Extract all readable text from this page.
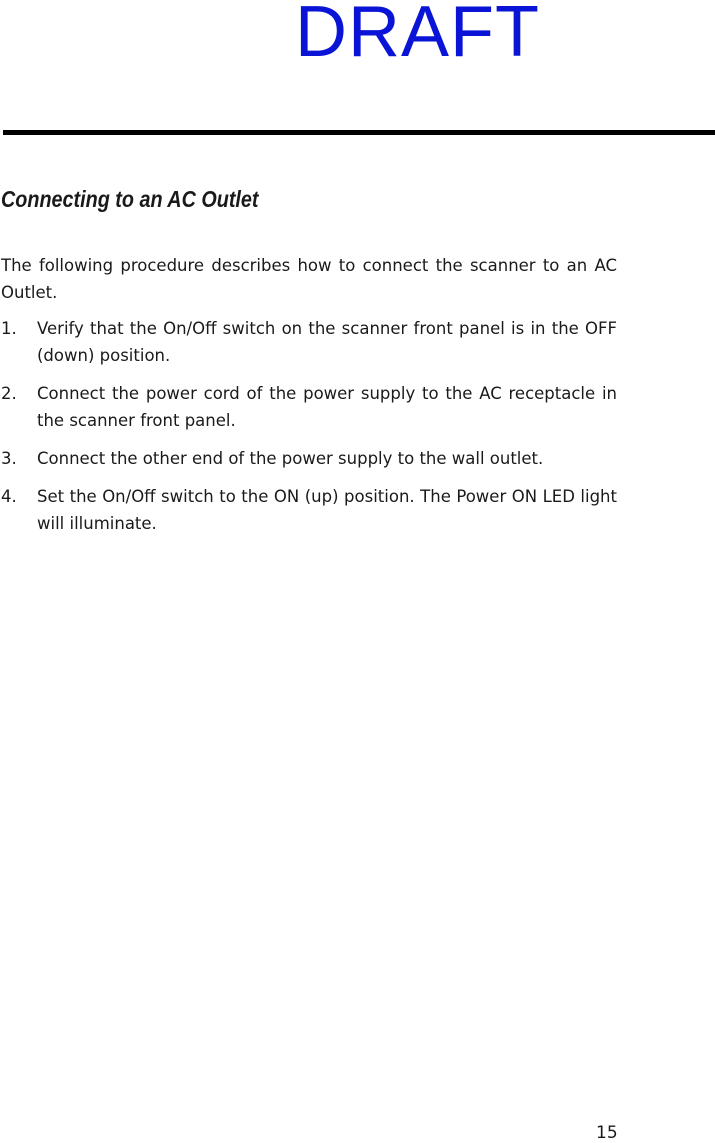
DRAFT
Connecting to an AC Outlet

The following procedure describes how to connect the scanner to an AC Outlet.

1. Verify that the On/Off switch on the scanner front panel is in the OFF (down) position.
2. Connect the power cord of the power supply to the AC receptacle in the scanner front panel.
3. Connect the other end of the power supply to the wall outlet.
4. Set the On/Off switch to the ON (up) position. The Power ON LED light will illuminate.
15
